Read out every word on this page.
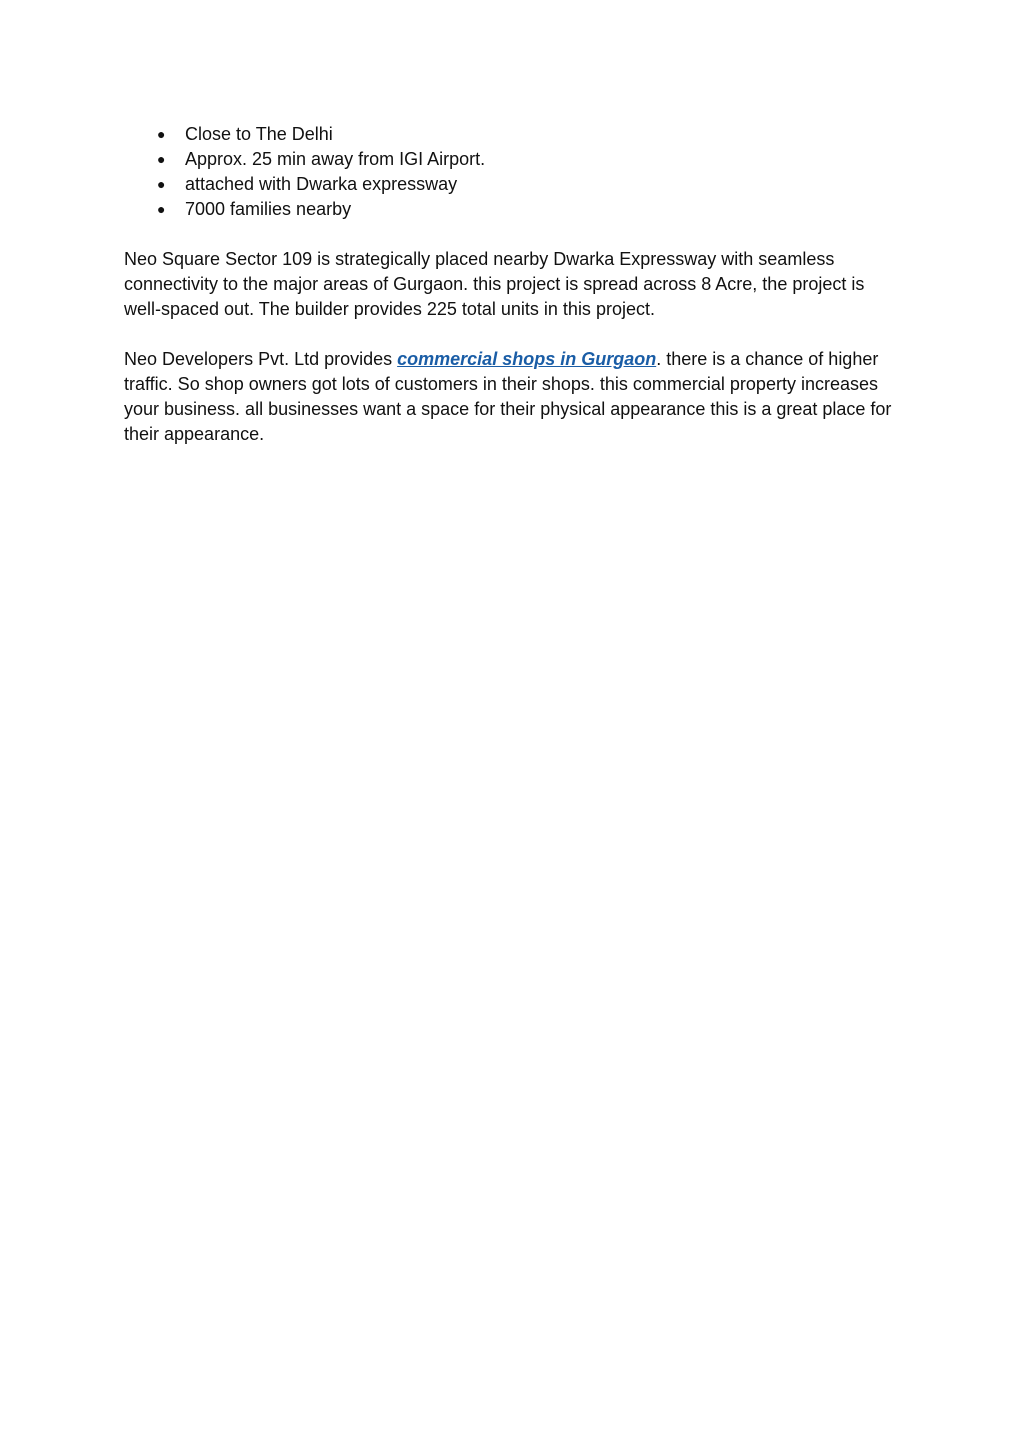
● Close to The Delhi
● Approx. 25 min away from IGI Airport.
● attached with Dwarka expressway
● 7000 families nearby

Neo Square Sector 109 is strategically placed nearby Dwarka Expressway with seamless connectivity to the major areas of Gurgaon. this project is spread across 8 Acre, the project is well-spaced out. The builder provides 225 total units in this project.

Neo Developers Pvt. Ltd provides commercial shops in Gurgaon. there is a chance of higher traffic. So shop owners got lots of customers in their shops. this commercial property increases your business. all businesses want a space for their physical appearance this is a great place for their appearance.
